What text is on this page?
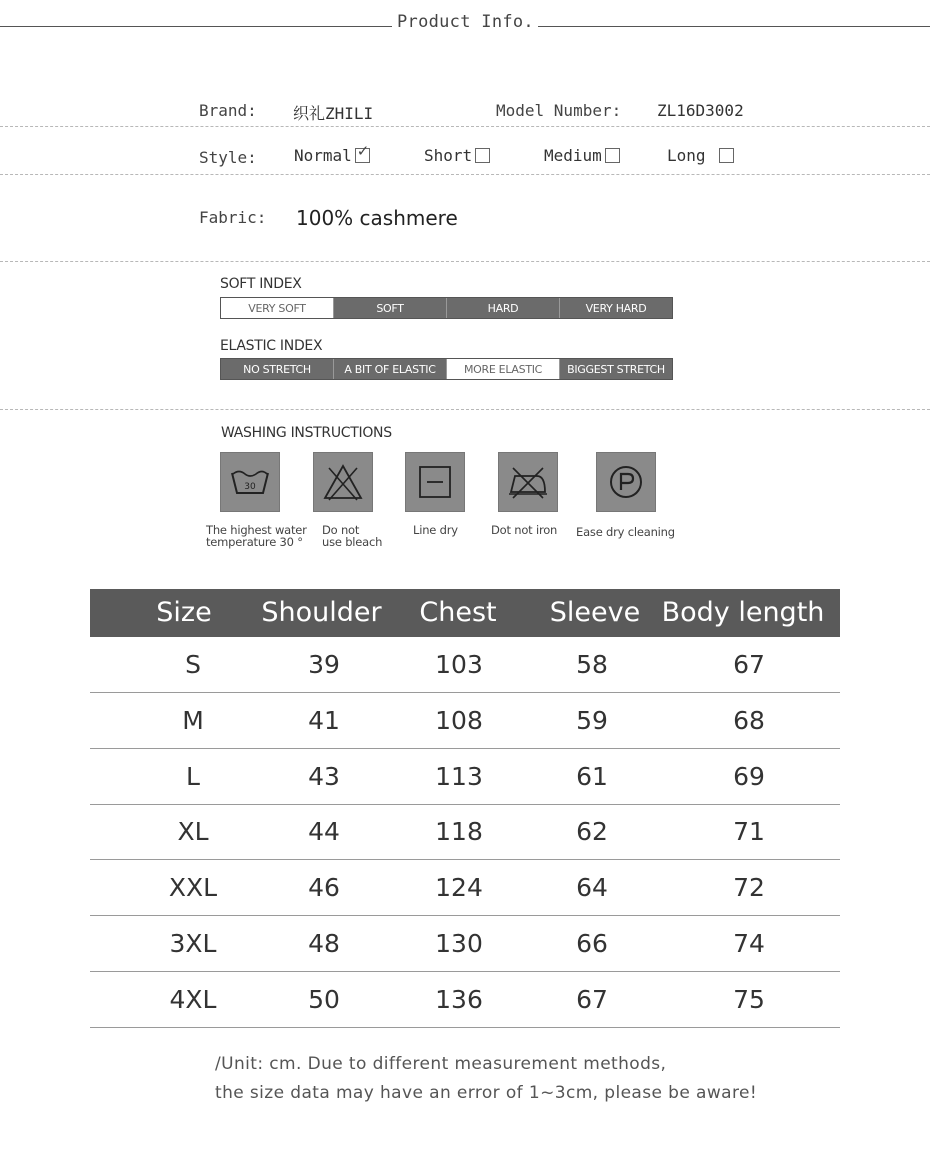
Product Info.
Brand: 织礼ZHILI	Model Number: ZL16D3002
Style: Normal ✓	Short	Medium	Long
Fabric: 100% cashmere
SOFT INDEX
VERY SOFT	SOFT	HARD	VERY HARD
ELASTIC INDEX
NO STRETCH	A BIT OF ELASTIC	MORE ELASTIC	BIGGEST STRETCH
WASHING INSTRUCTIONS
30
The highest water
temperature 30 °
Do not
use bleach
Line dry	Dot not iron Ease dry cleaning
Size	Shoulder	Chest	Sleeve Body length
S	39	103	58	67
M	41	108	59	68
L	43	113	61	69
XL	44	118	62	71
XXL	46	124	64	72
3XL	48	130	66	74
4XL	50	136	67	75
/Unit: cm. Due to different measurement methods,
the size data may have an error of 1~3cm, please be aware!
